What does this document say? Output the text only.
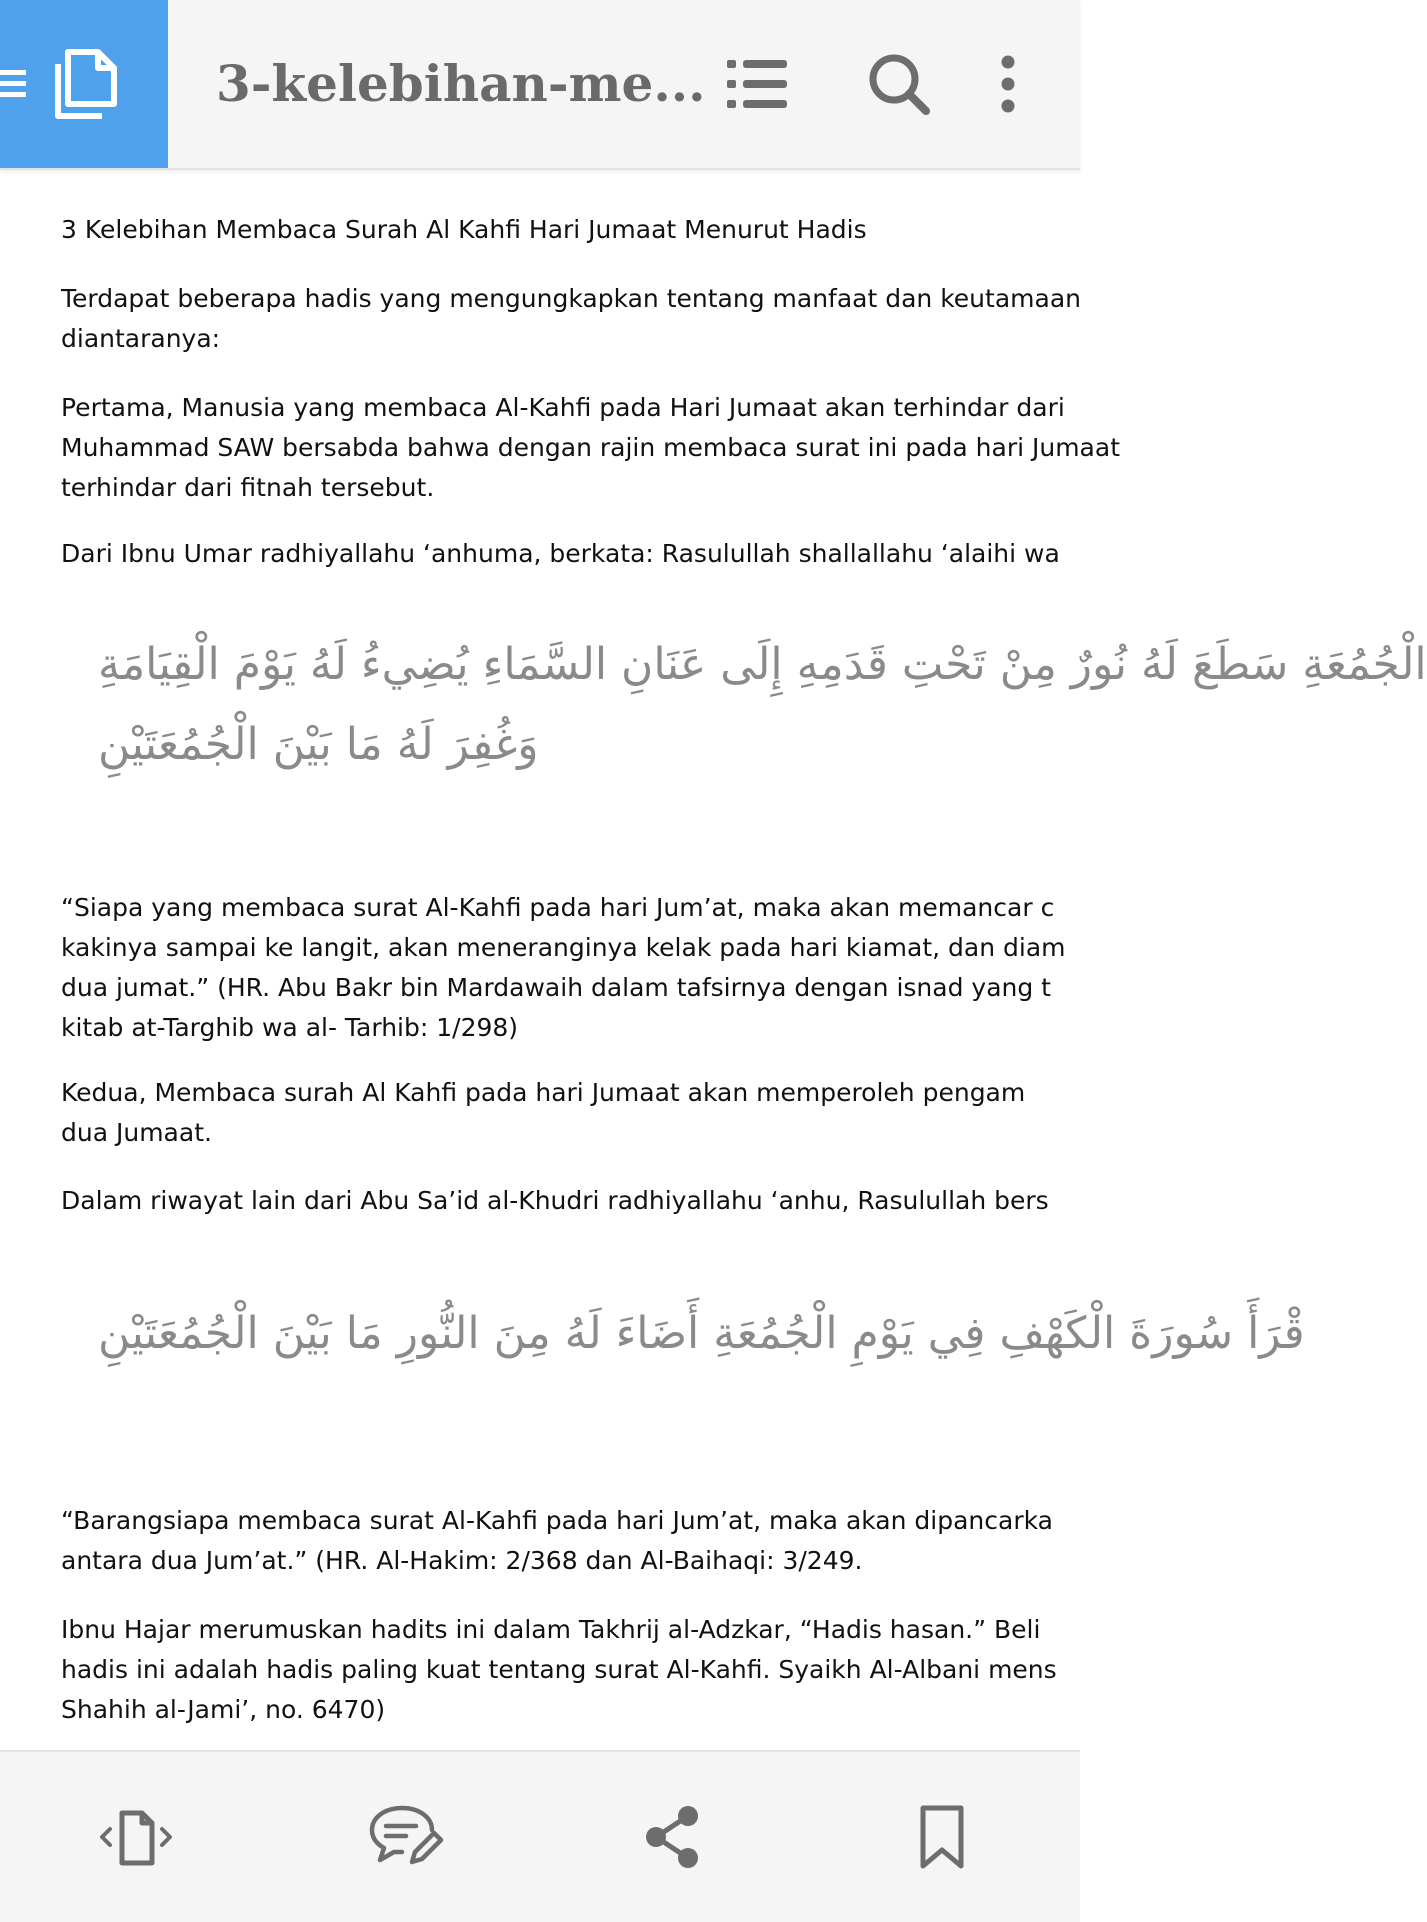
3-kelebihan-me...
3 Kelebihan Membaca Surah Al Kahfi Hari Jumaat Menurut Hadis
Terdapat beberapa hadis yang mengungkapkan tentang manfaat dan keutamaan
diantaranya:
Pertama, Manusia yang membaca Al-Kahfi pada Hari Jumaat akan terhindar dari
Muhammad SAW bersabda bahwa dengan rajin membaca surat ini pada hari Jumaat
terhindar dari fitnah tersebut.
Dari Ibnu Umar radhiyallahu ‘anhuma, berkata: Rasulullah shallallahu ‘alaihi wa
الْجُمُعَةِ سَطَعَ لَهُ نُورٌ مِنْ تَحْتِ قَدَمِهِ إِلَى عَنَانِ السَّمَاءِ يُضِيءُ لَهُ يَوْمَ الْقِيَامَةِ
وَغُفِرَ لَهُ مَا بَيْنَ الْجُمُعَتَيْنِ
“Siapa yang membaca surat Al-Kahfi pada hari Jum’at, maka akan memancar c
kakinya sampai ke langit, akan meneranginya kelak pada hari kiamat, dan diam
dua jumat.” (HR. Abu Bakr bin Mardawaih dalam tafsirnya dengan isnad yang t
kitab at-Targhib wa al- Tarhib: 1/298)
Kedua, Membaca surah Al Kahfi pada hari Jumaat akan memperoleh pengam
dua Jumaat.
Dalam riwayat lain dari Abu Sa’id al-Khudri radhiyallahu ‘anhu, Rasulullah bers
قْرَأَ سُورَةَ الْكَهْفِ فِي يَوْمِ الْجُمُعَةِ أَضَاءَ لَهُ مِنَ النُّورِ مَا بَيْنَ الْجُمُعَتَيْنِ
“Barangsiapa membaca surat Al-Kahfi pada hari Jum’at, maka akan dipancarka
antara dua Jum’at.” (HR. Al-Hakim: 2/368 dan Al-Baihaqi: 3/249.
Ibnu Hajar merumuskan hadits ini dalam Takhrij al-Adzkar, “Hadis hasan.” Beli
hadis ini adalah hadis paling kuat tentang surat Al-Kahfi. Syaikh Al-Albani mens
Shahih al-Jami’, no. 6470)
